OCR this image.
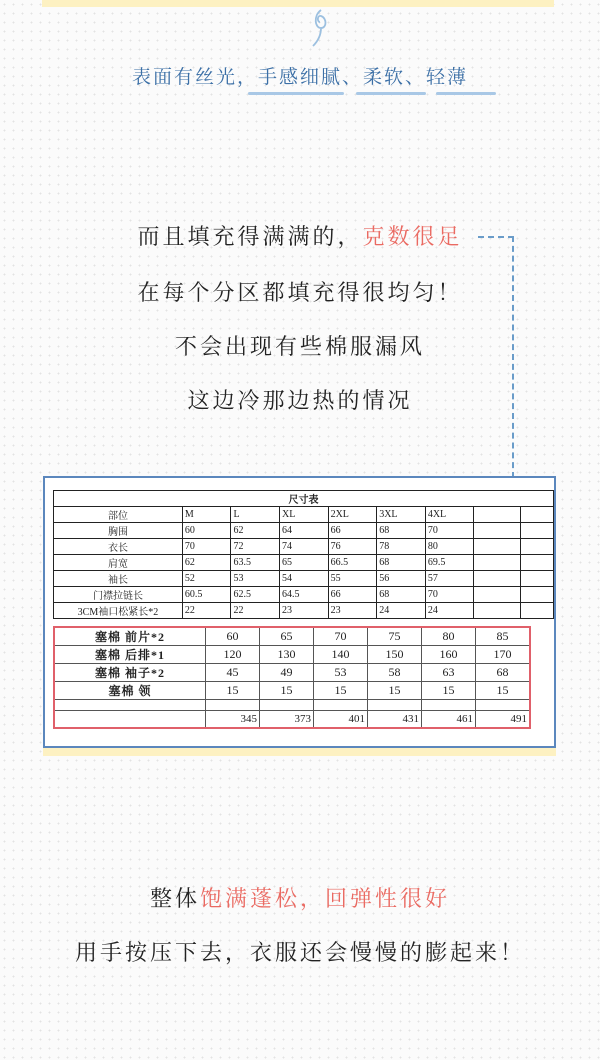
表面有丝光，手感细腻、柔软、轻薄
而且填充得满满的，克数很足
在每个分区都填充得很均匀！
不会出现有些棉服漏风
这边冷那边热的情况
尺寸表								
部位	M	L	XL	2XL	3XL	4XL		
胸围	60	62	64	66	68	70		
衣长	70	72	74	76	78	80		
肩宽	62	63.5	65	66.5	68	69.5		
袖长	52	53	54	55	56	57		
门襟拉链长	60.5	62.5	64.5	66	68	70		
3CM袖口松紧长*2	22	22	23	23	24	24		
塞棉 前片*2	60	65	70	75	80	85
塞棉 后排*1	120	130	140	150	160	170
塞棉 袖子*2	45	49	53	58	63	68
塞棉 领	15	15	15	15	15	15

	345	373	401	431	461	491
整体饱满蓬松，回弹性很好
用手按压下去，衣服还会慢慢的膨起来！
